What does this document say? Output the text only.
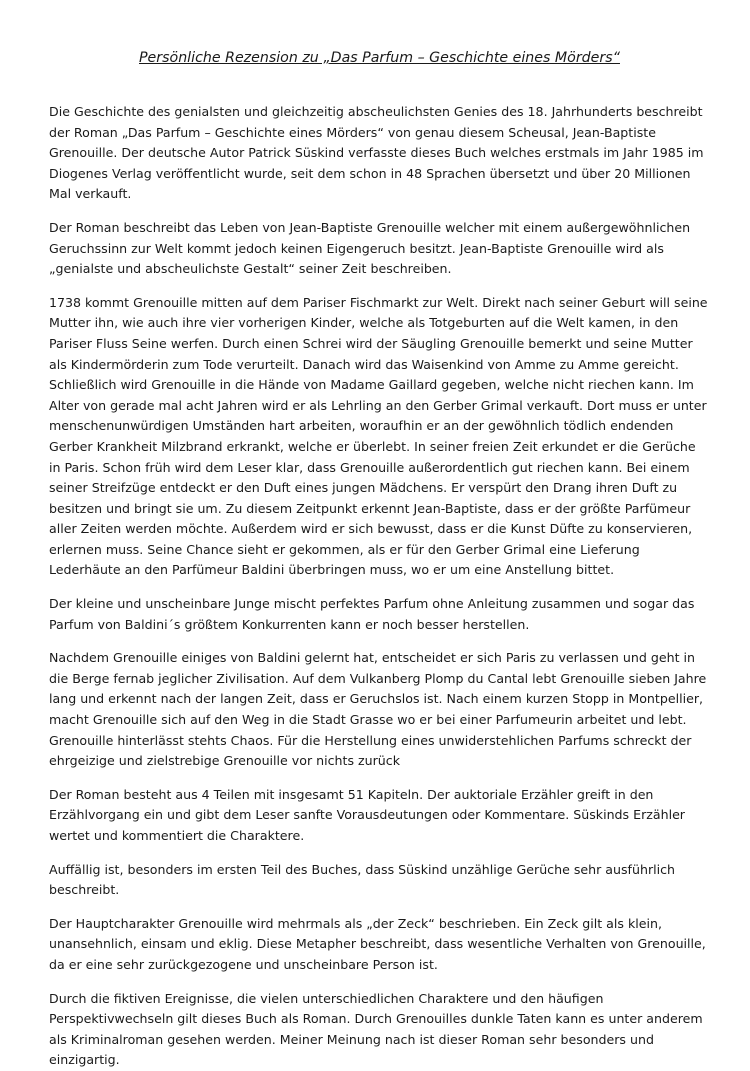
Persönliche Rezension zu „Das Parfum – Geschichte eines Mörders“

Die Geschichte des genialsten und gleichzeitig abscheulichsten Genies des 18. Jahrhunderts beschreibt der Roman „Das Parfum – Geschichte eines Mörders“ von genau diesem Scheusal, Jean-Baptiste Grenouille. Der deutsche Autor Patrick Süskind verfasste dieses Buch welches erstmals im Jahr 1985 im Diogenes Verlag veröffentlicht wurde, seit dem schon in 48 Sprachen übersetzt und über 20 Millionen Mal verkauft.

Der Roman beschreibt das Leben von Jean-Baptiste Grenouille welcher mit einem außergewöhnlichen Geruchssinn zur Welt kommt jedoch keinen Eigengeruch besitzt. Jean-Baptiste Grenouille wird als „genialste und abscheulichste Gestalt“ seiner Zeit beschreiben.

1738 kommt Grenouille mitten auf dem Pariser Fischmarkt zur Welt. Direkt nach seiner Geburt will seine Mutter ihn, wie auch ihre vier vorherigen Kinder, welche als Totgeburten auf die Welt kamen, in den Pariser Fluss Seine werfen. Durch einen Schrei wird der Säugling Grenouille bemerkt und seine Mutter als Kindermörderin zum Tode verurteilt. Danach wird das Waisenkind von Amme zu Amme gereicht. Schließlich wird Grenouille in die Hände von Madame Gaillard gegeben, welche nicht riechen kann. Im Alter von gerade mal acht Jahren wird er als Lehrling an den Gerber Grimal verkauft. Dort muss er unter menschenunwürdigen Umständen hart arbeiten, woraufhin er an der gewöhnlich tödlich endenden Gerber Krankheit Milzbrand erkrankt, welche er überlebt. In seiner freien Zeit erkundet er die Gerüche in Paris. Schon früh wird dem Leser klar, dass Grenouille außerordentlich gut riechen kann. Bei einem seiner Streifzüge entdeckt er den Duft eines jungen Mädchens. Er verspürt den Drang ihren Duft zu besitzen und bringt sie um. Zu diesem Zeitpunkt erkennt Jean-Baptiste, dass er der größte Parfümeur aller Zeiten werden möchte. Außerdem wird er sich bewusst, dass er die Kunst Düfte zu konservieren, erlernen muss. Seine Chance sieht er gekommen, als er für den Gerber Grimal eine Lieferung Lederhäute an den Parfümeur Baldini überbringen muss, wo er um eine Anstellung bittet.

Der kleine und unscheinbare Junge mischt perfektes Parfum ohne Anleitung zusammen und sogar das Parfum von Baldini´s größtem Konkurrenten kann er noch besser herstellen.

Nachdem Grenouille einiges von Baldini gelernt hat, entscheidet er sich Paris zu verlassen und geht in die Berge fernab jeglicher Zivilisation. Auf dem Vulkanberg Plomp du Cantal lebt Grenouille sieben Jahre lang und erkennt nach der langen Zeit, dass er Geruchslos ist. Nach einem kurzen Stopp in Montpellier, macht Grenouille sich auf den Weg in die Stadt Grasse wo er bei einer Parfumeurin arbeitet und lebt. Grenouille hinterlässt stehts Chaos. Für die Herstellung eines unwiderstehlichen Parfums schreckt der ehrgeizige und zielstrebige Grenouille vor nichts zurück

Der Roman besteht aus 4 Teilen mit insgesamt 51 Kapiteln. Der auktoriale Erzähler greift in den Erzählvorgang ein und gibt dem Leser sanfte Vorausdeutungen oder Kommentare. Süskinds Erzähler wertet und kommentiert die Charaktere.

Auffällig ist, besonders im ersten Teil des Buches, dass Süskind unzählige Gerüche sehr ausführlich beschreibt.

Der Hauptcharakter Grenouille wird mehrmals als „der Zeck“ beschrieben. Ein Zeck gilt als klein, unansehnlich, einsam und eklig. Diese Metapher beschreibt, dass wesentliche Verhalten von Grenouille, da er eine sehr zurückgezogene und unscheinbare Person ist.

Durch die fiktiven Ereignisse, die vielen unterschiedlichen Charaktere und den häufigen Perspektivwechseln gilt dieses Buch als Roman. Durch Grenouilles dunkle Taten kann es unter anderem als Kriminalroman gesehen werden. Meiner Meinung nach ist dieser Roman sehr besonders und einzigartig.
